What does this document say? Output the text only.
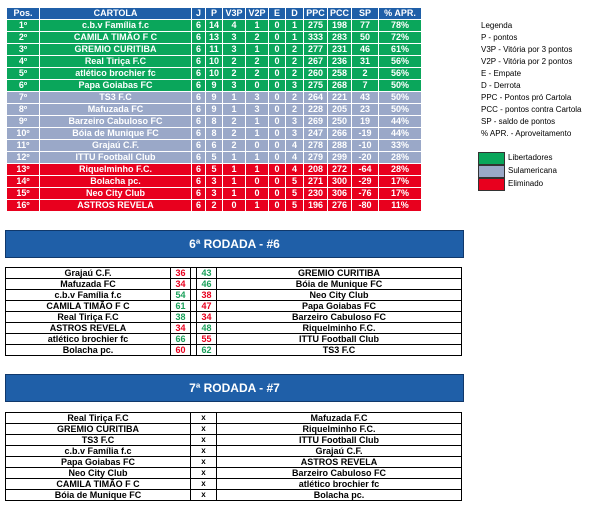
Pos.	CARTOLA	J	P	V3P	V2P	E	D	PPC	PCC	SP	% APR.
1º	c.b.v Família f.c	6	14	4	1	0	1	275	198	77	78%
2º	CAMILA TIMÃO F C	6	13	3	2	0	1	333	283	50	72%
3º	GREMIO CURITIBA	6	11	3	1	0	2	277	231	46	61%
4º	Real Tiriça F.C	6	10	2	2	0	2	267	236	31	56%
5º	atlético brochier fc	6	10	2	2	0	2	260	258	2	56%
6º	Papa Goiabas FC	6	9	3	0	0	3	275	268	7	50%
7º	TS3 F.C	6	9	1	3	0	2	264	221	43	50%
8º	Mafuzada FC	6	9	1	3	0	2	228	205	23	50%
9º	Barzeiro Cabuloso FC	6	8	2	1	0	3	269	250	19	44%
10º	Bóia de Munique FC	6	8	2	1	0	3	247	266	-19	44%
11º	Grajaú C.F.	6	6	2	0	0	4	278	288	-10	33%
12º	ITTU Football Club	6	5	1	1	0	4	279	299	-20	28%
13º	Riquelminho F.C.	6	5	1	1	0	4	208	272	-64	28%
14º	Bolacha pc.	6	3	1	0	0	5	271	300	-29	17%
15º	Neo City Club	6	3	1	0	0	5	230	306	-76	17%
16º	ASTROS REVELA	6	2	0	1	0	5	196	276	-80	11%
Legenda
P - pontos
V3P - Vitória por 3 pontos
V2P - Vitória por 2 pontos
E - Empate
D - Derrota
PPC - Pontos pró Cartola
PCC - pontos contra Cartola
SP - saldo de pontos
% APR. - Aproveitamento
Libertadores
Sulamericana
Eliminado
6ª RODADA - #6
Grajaú C.F.	36		43	GREMIO CURITIBA
Mafuzada FC	34		46	Bóia de Munique FC
c.b.v Família f.c	54		38	Neo City Club
CAMILA TIMÃO F C	61		47	Papa Goiabas FC
Real Tiriça F.C	38		34	Barzeiro Cabuloso FC
ASTROS REVELA	34		48	Riquelminho F.C.
atlético brochier fc	66		55	ITTU Football Club
Bolacha pc.	60		62	TS3 F.C
7ª RODADA - #7
Real Tiriça F.C	x	Mafuzada F.C
GREMIO CURITIBA	x	Riquelminho F.C.
TS3 F.C	x	ITTU Football Club
c.b.v Família f.c	x	Grajaú C.F.
Papa Goiabas FC	x	ASTROS REVELA
Neo City Club	x	Barzeiro Cabuloso FC
CAMILA TIMÃO F C	x	atlético brochier fc
Bóia de Munique FC	x	Bolacha pc.
